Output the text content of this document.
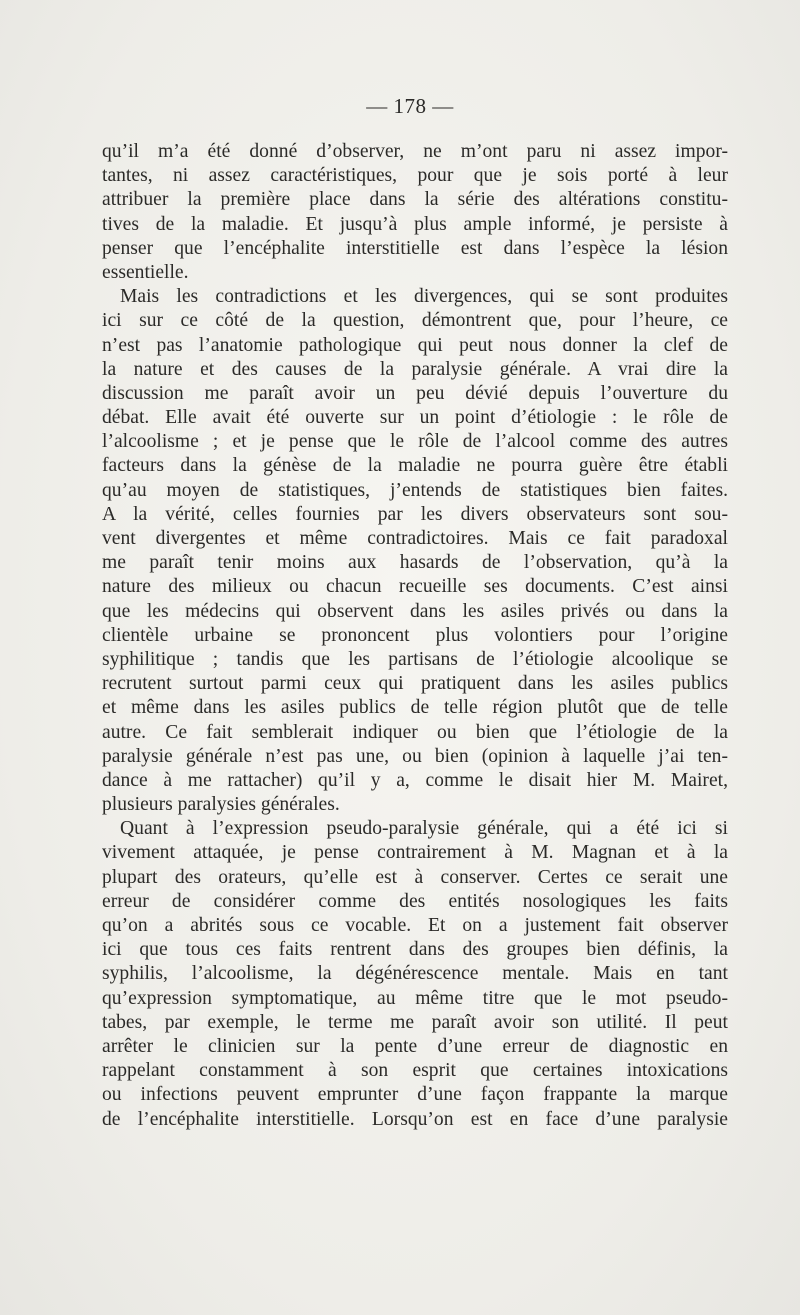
— 178 —
qu’il m’a été donné d’observer, ne m’ont paru ni assez impor-
tantes, ni assez caractéristiques, pour que je sois porté à leur
attribuer la première place dans la série des altérations constitu-
tives de la maladie. Et jusqu’à plus ample informé, je persiste à
penser que l’encéphalite interstitielle est dans l’espèce la lésion
essentielle.
Mais les contradictions et les divergences, qui se sont produites
ici sur ce côté de la question, démontrent que, pour l’heure, ce
n’est pas l’anatomie pathologique qui peut nous donner la clef de
la nature et des causes de la paralysie générale. A vrai dire la
discussion me paraît avoir un peu dévié depuis l’ouverture du
débat. Elle avait été ouverte sur un point d’étiologie : le rôle de
l’alcoolisme ; et je pense que le rôle de l’alcool comme des autres
facteurs dans la génèse de la maladie ne pourra guère être établi
qu’au moyen de statistiques, j’entends de statistiques bien faites.
A la vérité, celles fournies par les divers observateurs sont sou-
vent divergentes et même contradictoires. Mais ce fait paradoxal
me paraît tenir moins aux hasards de l’observation, qu’à la
nature des milieux ou chacun recueille ses documents. C’est ainsi
que les médecins qui observent dans les asiles privés ou dans la
clientèle urbaine se prononcent plus volontiers pour l’origine
syphilitique ; tandis que les partisans de l’étiologie alcoolique se
recrutent surtout parmi ceux qui pratiquent dans les asiles publics
et même dans les asiles publics de telle région plutôt que de telle
autre. Ce fait semblerait indiquer ou bien que l’étiologie de la
paralysie générale n’est pas une, ou bien (opinion à laquelle j’ai ten-
dance à me rattacher) qu’il y a, comme le disait hier M. Mairet,
plusieurs paralysies générales.
Quant à l’expression pseudo-paralysie générale, qui a été ici si
vivement attaquée, je pense contrairement à M. Magnan et à la
plupart des orateurs, qu’elle est à conserver. Certes ce serait une
erreur de considérer comme des entités nosologiques les faits
qu’on a abrités sous ce vocable. Et on a justement fait observer
ici que tous ces faits rentrent dans des groupes bien définis, la
syphilis, l’alcoolisme, la dégénérescence mentale. Mais en tant
qu’expression symptomatique, au même titre que le mot pseudo-
tabes, par exemple, le terme me paraît avoir son utilité. Il peut
arrêter le clinicien sur la pente d’une erreur de diagnostic en
rappelant constamment à son esprit que certaines intoxications
ou infections peuvent emprunter d’une façon frappante la marque
de l’encéphalite interstitielle. Lorsqu’on est en face d’une paralysie
